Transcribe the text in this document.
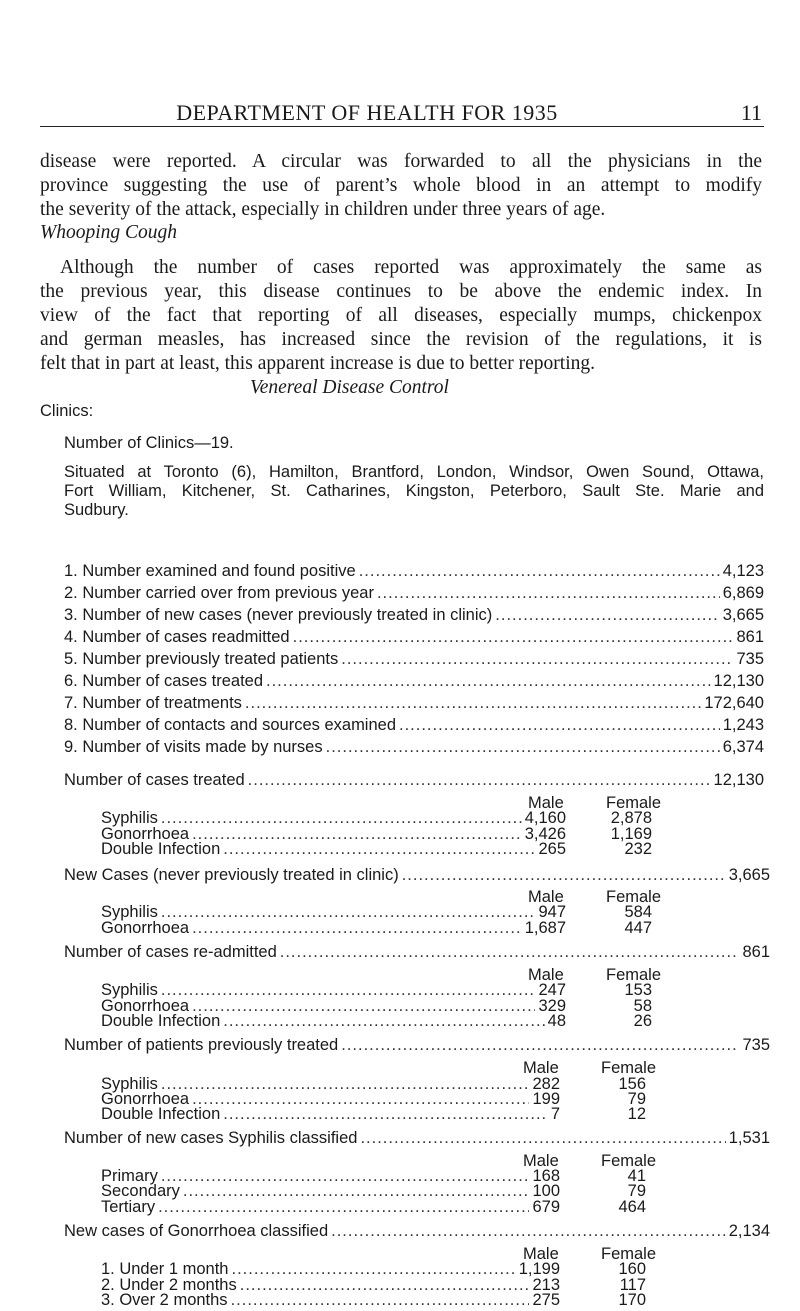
DEPARTMENT OF HEALTH FOR 1935	11
disease were reported. A circular was forwarded to all the physicians in the
province suggesting the use of parent’s whole blood in an attempt to modify
the severity of the attack, especially in children under three years of age.
Whooping Cough
Although the number of cases reported was approximately the same as
the previous year, this disease continues to be above the endemic index. In
view of the fact that reporting of all diseases, especially mumps, chickenpox
and german measles, has increased since the revision of the regulations, it is
felt that in part at least, this apparent increase is due to better reporting.
Venereal Disease Control
Clinics:
Number of Clinics—19.
Situated at Toronto (6), Hamilton, Brantford, London, Windsor, Owen Sound, Ottawa,
Fort William, Kitchener, St. Catharines, Kingston, Peterboro, Sault Ste. Marie and
Sudbury.
1. Number examined and found positive .....	4,123
2. Number carried over from previous year .....	6,869
3. Number of new cases (never previously treated in clinic) .....	3,665
4. Number of cases readmitted .....	861
5. Number previously treated patients .....	735
6. Number of cases treated .....	12,130
7. Number of treatments .....	172,640
8. Number of contacts and sources examined .....	1,243
9. Number of visits made by nurses .....	6,374
Number of cases treated .....	12,130
Male	Female
Syphilis .....	4,160	2,878
Gonorrhoea .....	3,426	1,169
Double Infection .....	265	232
New Cases (never previously treated in clinic) .....	3,665
Male	Female
Syphilis .....	947	584
Gonorrhoea .....	1,687	447
Number of cases re-admitted .....	861
Male	Female
Syphilis .....	247	153
Gonorrhoea .....	329	58
Double Infection .....	48	26
Number of patients previously treated .....	735
Male	Female
Syphilis .....	282	156
Gonorrhoea .....	199	79
Double Infection .....	7	12
Number of new cases Syphilis classified .....	1,531
Male	Female
Primary .....	168	41
Secondary .....	100	79
Tertiary .....	679	464
New cases of Gonorrhoea classified .....	2,134
Male	Female
1. Under 1 month .....	1,199	160
2. Under 2 months .....	213	117
3. Over 2 months .....	275	170
